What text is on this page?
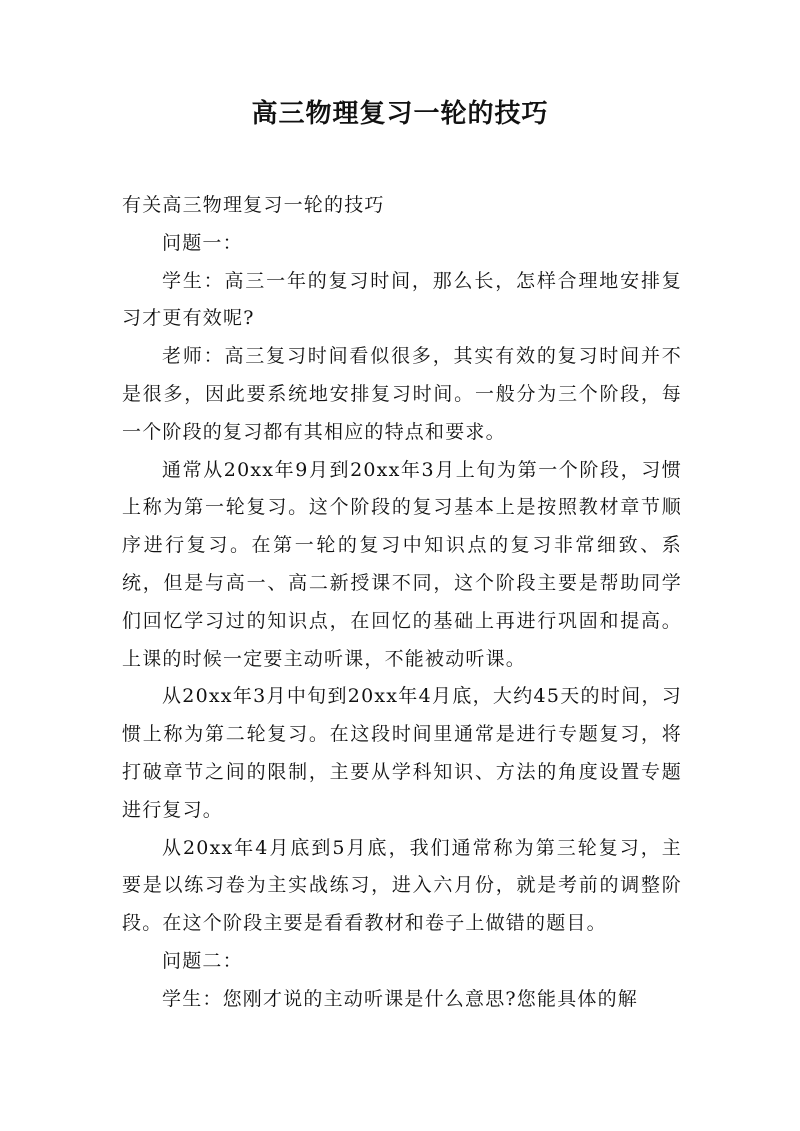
高三物理复习一轮的技巧

有关高三物理复习一轮的技巧

问题一：

学生：高三一年的复习时间，那么长，怎样合理地安排复习才更有效呢?

老师：高三复习时间看似很多，其实有效的复习时间并不是很多，因此要系统地安排复习时间。一般分为三个阶段，每一个阶段的复习都有其相应的特点和要求。

通常从20xx年9月到20xx年3月上旬为第一个阶段，习惯上称为第一轮复习。这个阶段的复习基本上是按照教材章节顺序进行复习。在第一轮的复习中知识点的复习非常细致、系统，但是与高一、高二新授课不同，这个阶段主要是帮助同学们回忆学习过的知识点，在回忆的基础上再进行巩固和提高。上课的时候一定要主动听课，不能被动听课。

从20xx年3月中旬到20xx年4月底，大约45天的时间，习惯上称为第二轮复习。在这段时间里通常是进行专题复习，将打破章节之间的限制，主要从学科知识、方法的角度设置专题进行复习。

从20xx年4月底到5月底，我们通常称为第三轮复习，主要是以练习卷为主实战练习，进入六月份，就是考前的调整阶段。在这个阶段主要是看看教材和卷子上做错的题目。

问题二：

学生：您刚才说的主动听课是什么意思?您能具体的解
